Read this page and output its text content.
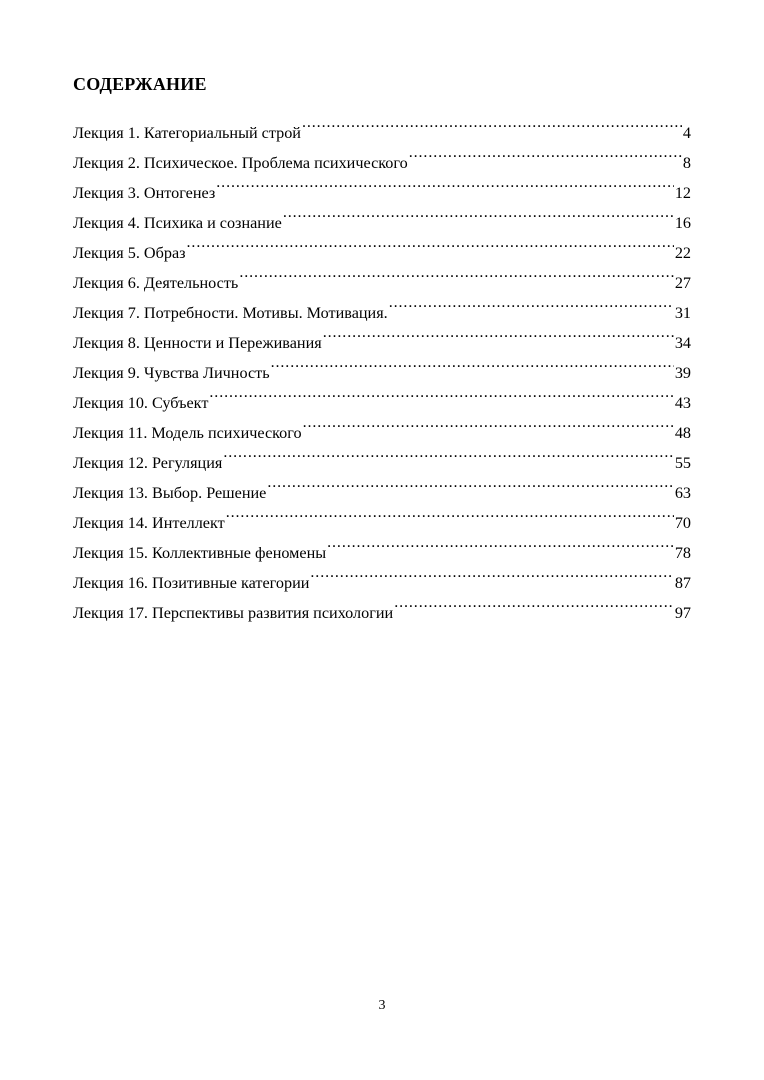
СОДЕРЖАНИЕ
Лекция 1. Категориальный строй . . .	4
Лекция 2. Психическое. Проблема психического . . .	8
Лекция 3. Онтогенез . . .	12
Лекция 4. Психика и сознание . . .	16
Лекция 5. Образ . . .	22
Лекция 6. Деятельность . . .	27
Лекция 7. Потребности. Мотивы. Мотивация. . . .	31
Лекция 8. Ценности и Переживания . . .	34
Лекция 9. Чувства Личность . . .	39
Лекция 10. Субъект . . .	43
Лекция 11. Модель психического . . .	48
Лекция 12. Регуляция . . .	55
Лекция 13. Выбор. Решение . . .	63
Лекция 14. Интеллект . . .	70
Лекция 15. Коллективные феномены . . .	78
Лекция 16. Позитивные категории . . .	87
Лекция 17. Перспективы развития психологии . . .	97
3
